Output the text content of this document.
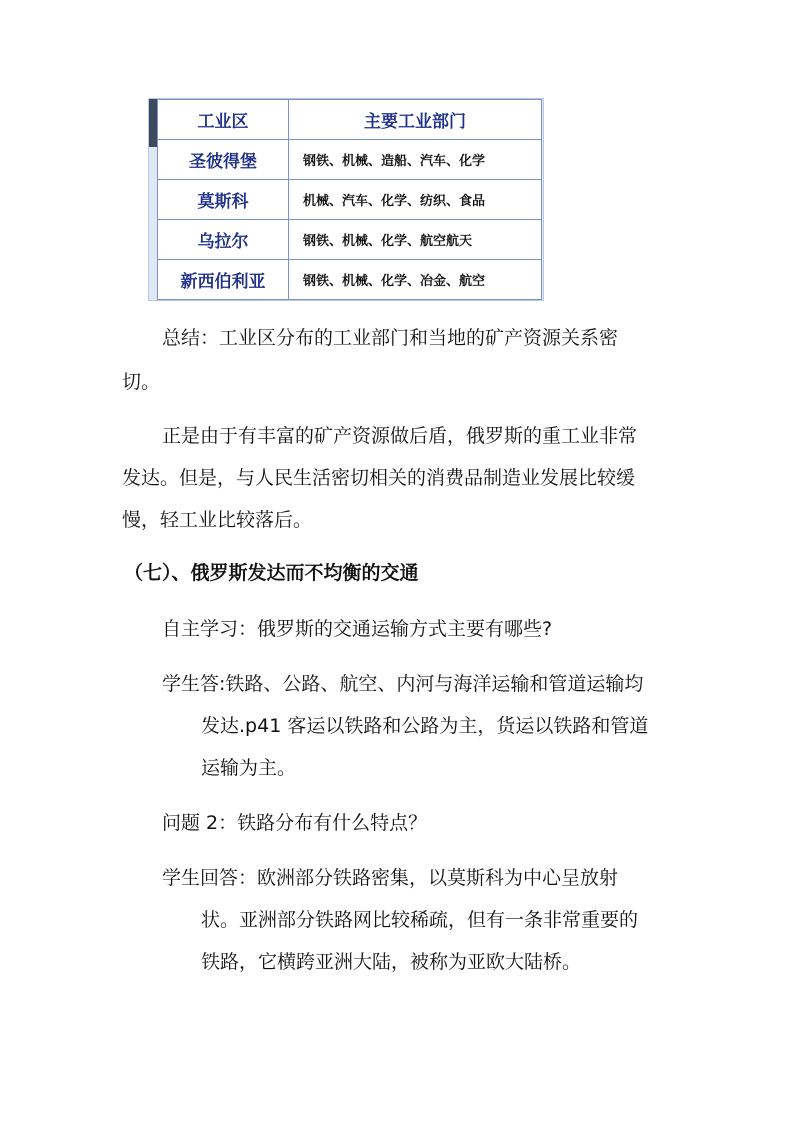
工业区	主要工业部门
圣彼得堡	钢铁、机械、造船、汽车、化学
莫斯科	机械、汽车、化学、纺织、食品
乌拉尔	钢铁、机械、化学、航空航天
新西伯利亚	钢铁、机械、化学、冶金、航空
总结：工业区分布的工业部门和当地的矿产资源关系密
切。
正是由于有丰富的矿产资源做后盾，俄罗斯的重工业非常
发达。但是，与人民生活密切相关的消费品制造业发展比较缓
慢，轻工业比较落后。
（七）、俄罗斯发达而不均衡的交通
自主学习：俄罗斯的交通运输方式主要有哪些?
学生答:铁路、公路、航空、内河与海洋运输和管道运输均
发达.p41 客运以铁路和公路为主，货运以铁路和管道
运输为主。
问题 2：铁路分布有什么特点？
学生回答：欧洲部分铁路密集，以莫斯科为中心呈放射
状。亚洲部分铁路网比较稀疏，但有一条非常重要的
铁路，它横跨亚洲大陆，被称为亚欧大陆桥。
